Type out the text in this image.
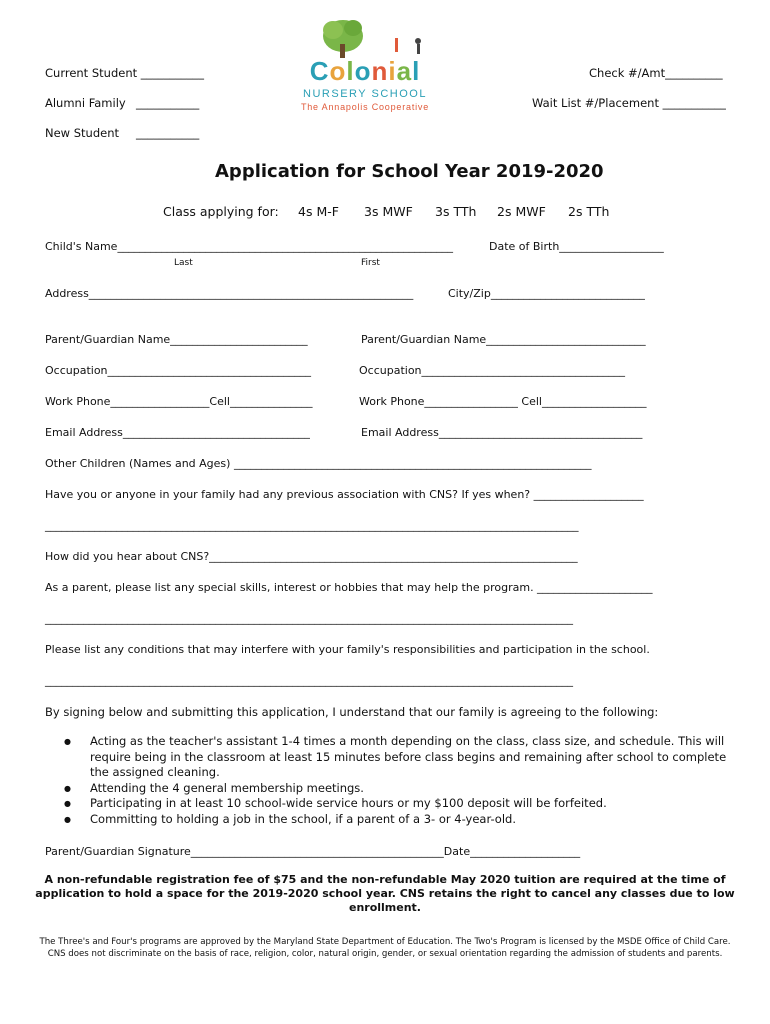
Current Student ___________
Alumni Family ___________
New Student ___________
Check #/Amt__________
Wait List #/Placement ___________
Colonial
NURSERY SCHOOL
The Annapolis Cooperative
Application for School Year 2019-2020
Class applying for: 4s M-F 3s MWF 3s TTh 2s MWF 2s TTh
Child's Name_____________________________________________________________	Date of Birth___________________
Last	First
Address___________________________________________________________	City/Zip____________________________
Parent/Guardian Name_________________________	Parent/Guardian Name_____________________________
Occupation_____________________________________	Occupation_____________________________________
Work Phone__________________Cell_______________	Work Phone_________________ Cell___________________
Email Address__________________________________	Email Address_____________________________________
Other Children (Names and Ages) _________________________________________________________________
Have you or anyone in your family had any previous association with CNS? If yes when? ____________________
_________________________________________________________________________________________________
How did you hear about CNS?___________________________________________________________________
As a parent, please list any special skills, interest or hobbies that may help the program. _____________________
________________________________________________________________________________________________
Please list any conditions that may interfere with your family's responsibilities and participation in the school.
________________________________________________________________________________________________
By signing below and submitting this application, I understand that our family is agreeing to the following:
● Acting as the teacher's assistant 1-4 times a month depending on the class, class size, and schedule. This will require being in the classroom at least 15 minutes before class begins and remaining after school to complete the assigned cleaning.
● Attending the 4 general membership meetings.
● Participating in at least 10 school-wide service hours or my $100 deposit will be forfeited.
● Committing to holding a job in the school, if a parent of a 3- or 4-year-old.
Parent/Guardian Signature______________________________________________Date____________________
A non-refundable registration fee of $75 and the non-refundable May 2020 tuition are required at the time of application to hold a space for the 2019-2020 school year. CNS retains the right to cancel any classes due to low enrollment.
The Three's and Four's programs are approved by the Maryland State Department of Education. The Two's Program is licensed by the MSDE Office of Child Care. CNS does not discriminate on the basis of race, religion, color, natural origin, gender, or sexual orientation regarding the admission of students and parents.
